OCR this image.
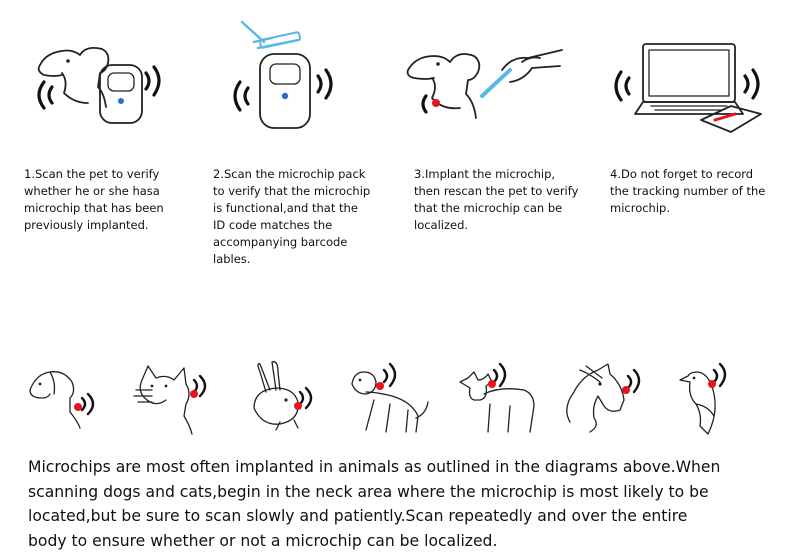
1.Scan the pet to verify
whether he or she hasa
microchip that has been
previously implanted.

2.Scan the microchip pack
to verify that the microchip
is functional,and that the
ID code matches the
accompanying barcode
lables.

3.Implant the microchip,
then rescan the pet to verify
that the microchip can be
localized.

4.Do not forget to record
the tracking number of the
microchip.

Microchips are most often implanted in animals as outlined in the diagrams above.When
scanning dogs and cats,begin in the neck area where the microchip is most likely to be
located,but be sure to scan slowly and patiently.Scan repeatedly and over the entire
body to ensure whether or not a microchip can be localized.
